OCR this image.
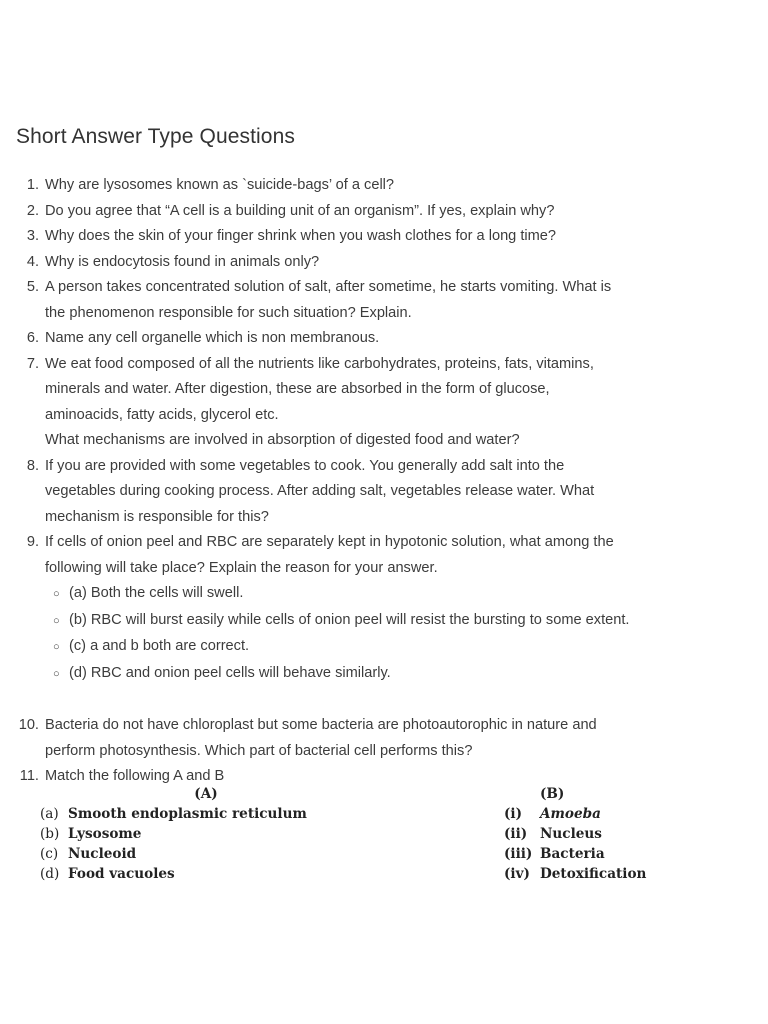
Short Answer Type Questions
1. Why are lysosomes known as `suicide-bags’ of a cell?
2. Do you agree that “A cell is a building unit of an organism”. If yes, explain why?
3. Why does the skin of your finger shrink when you wash clothes for a long time?
4. Why is endocytosis found in animals only?
5. A person takes concentrated solution of salt, after sometime, he starts vomiting. What is
the phenomenon responsible for such situation? Explain.
6. Name any cell organelle which is non membranous.
7. We eat food composed of all the nutrients like carbohydrates, proteins, fats, vitamins,
minerals and water. After digestion, these are absorbed in the form of glucose,
aminoacids, fatty acids, glycerol etc.
What mechanisms are involved in absorption of digested food and water?
8. If you are provided with some vegetables to cook. You generally add salt into the
vegetables during cooking process. After adding salt, vegetables release water. What
mechanism is responsible for this?
9. If cells of onion peel and RBC are separately kept in hypotonic solution, what among the
following will take place? Explain the reason for your answer.
○ (a) Both the cells will swell.
○ (b) RBC will burst easily while cells of onion peel will resist the bursting to some extent.
○ (c) a and b both are correct.
○ (d) RBC and onion peel cells will behave similarly.
10. Bacteria do not have chloroplast but some bacteria are photoautorophic in nature and
perform photosynthesis. Which part of bacterial cell performs this?
11. Match the following A and B
	(A)		(B)
(a)	Smooth endoplasmic reticulum	(i)	Amoeba
(b)	Lysosome	(ii)	Nucleus
(c)	Nucleoid	(iii)	Bacteria
(d)	Food vacuoles	(iv)	Detoxification
